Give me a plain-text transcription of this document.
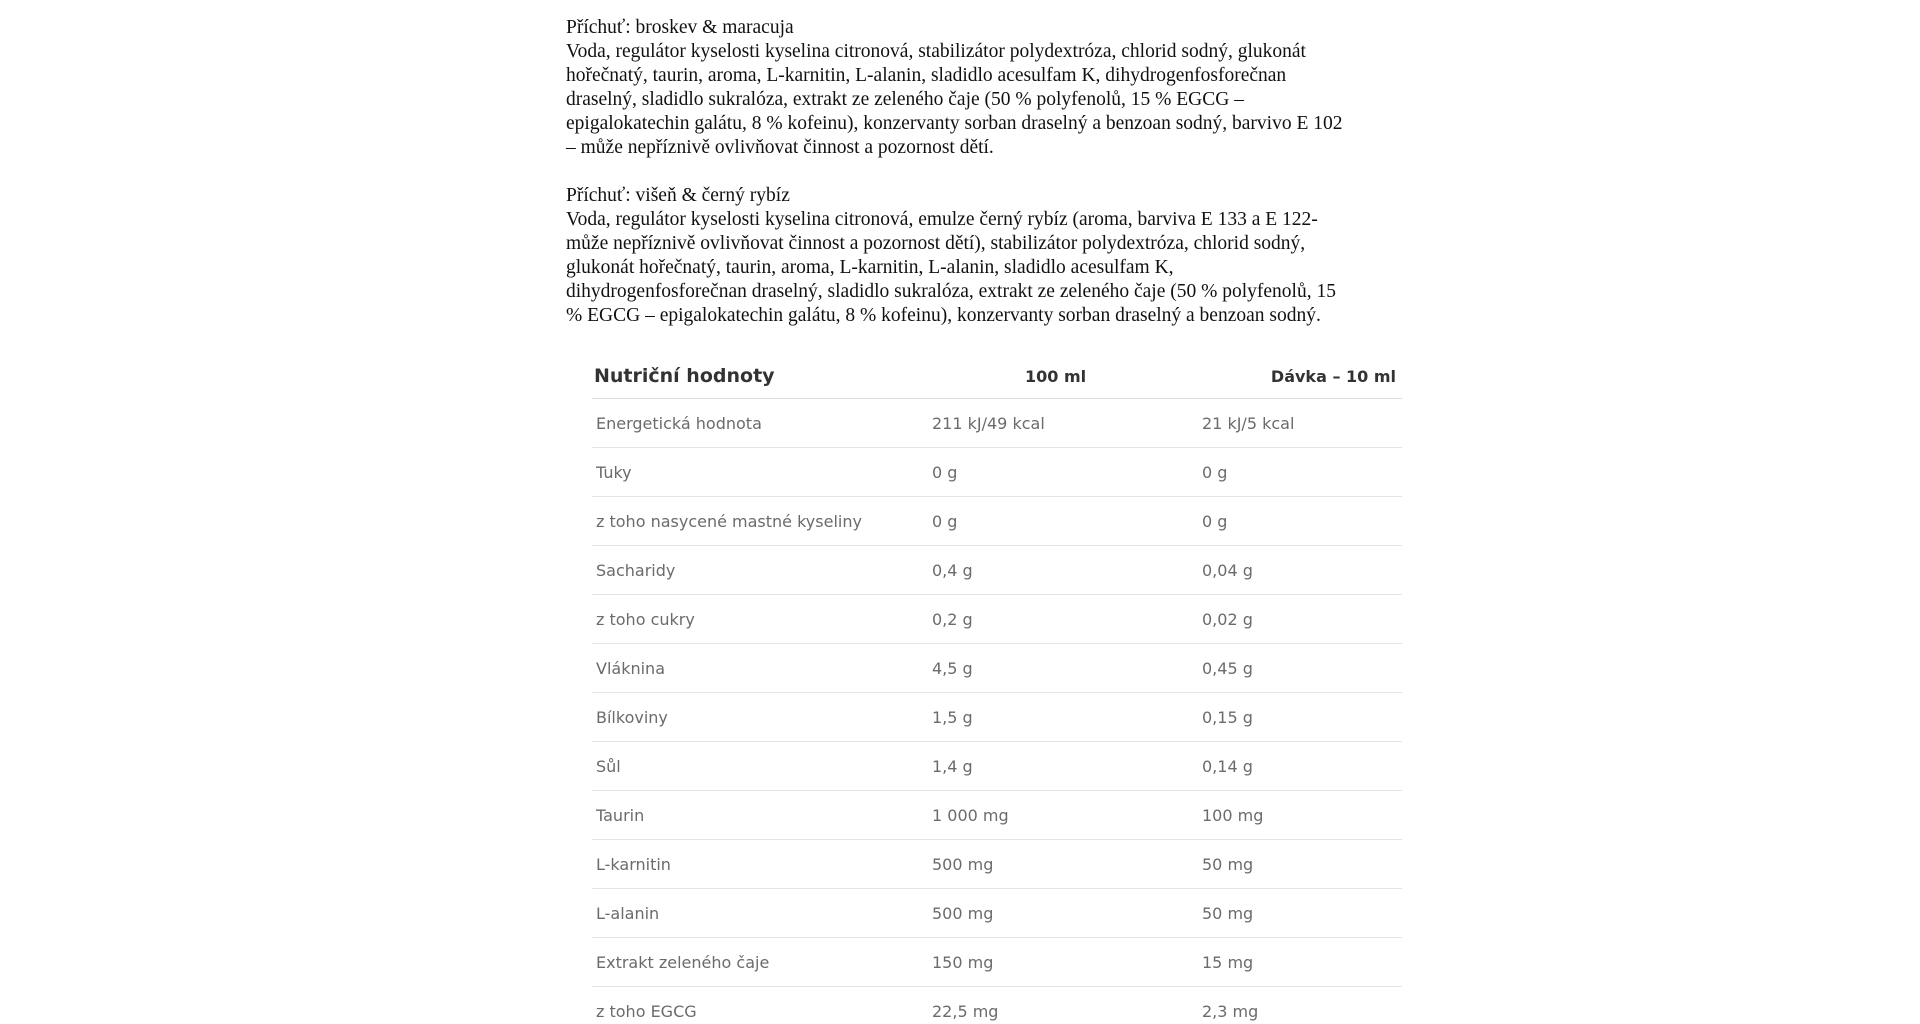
Příchuť: broskev & maracuja

Voda, regulátor kyselosti kyselina citronová, stabilizátor polydextróza, chlorid sodný, glukonát

hořečnatý, taurin, aroma, L-karnitin, L-alanin, sladidlo acesulfam K, dihydrogenfosforečnan

draselný, sladidlo sukralóza, extrakt ze zeleného čaje (50 % polyfenolů, 15 % EGCG –

epigalokatechin galátu, 8 % kofeinu), konzervanty sorban draselný a benzoan sodný, barvivo E 102

– může nepříznivě ovlivňovat činnost a pozornost dětí.

Příchuť: višeň & černý rybíz

Voda, regulátor kyselosti kyselina citronová, emulze černý rybíz (aroma, barviva E 133 a E 122-

může nepříznivě ovlivňovat činnost a pozornost dětí), stabilizátor polydextróza, chlorid sodný,

glukonát hořečnatý, taurin, aroma, L-karnitin, L-alanin, sladidlo acesulfam K,

dihydrogenfosforečnan draselný, sladidlo sukralóza, extrakt ze zeleného čaje (50 % polyfenolů, 15

% EGCG – epigalokatechin galátu, 8 % kofeinu), konzervanty sorban draselný a benzoan sodný.

Nutriční hodnoty	100 ml	Dávka – 10 ml
Energetická hodnota	211 kJ/49 kcal	21 kJ/5 kcal
Tuky	0 g	0 g
z toho nasycené mastné kyseliny	0 g	0 g
Sacharidy	0,4 g	0,04 g
z toho cukry	0,2 g	0,02 g
Vláknina	4,5 g	0,45 g
Bílkoviny	1,5 g	0,15 g
Sůl	1,4 g	0,14 g
Taurin	1 000 mg	100 mg
L-karnitin	500 mg	50 mg
L-alanin	500 mg	50 mg
Extrakt zeleného čaje	150 mg	15 mg
z toho EGCG	22,5 mg	2,3 mg
